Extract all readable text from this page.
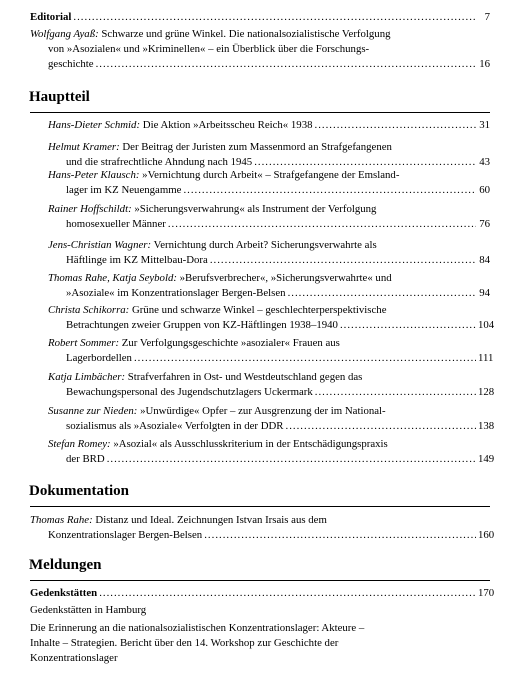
Editorial .....	7
Wolfgang Ayaß: Schwarze und grüne Winkel. Die nationalsozialistische Verfolgung
von »Asozialen« und »Kriminellen« – ein Überblick über die Forschungs-
geschichte .....	16
Hauptteil
Hans-Dieter Schmid: Die Aktion »Arbeitsscheu Reich« 1938 .....	31
Helmut Kramer: Der Beitrag der Juristen zum Massenmord an Strafgefangenen
und die strafrechtliche Ahndung nach 1945 .....	43
Hans-Peter Klausch: »Vernichtung durch Arbeit« – Strafgefangene der Emsland-
lager im KZ Neuengamme .....	60
Rainer Hoffschildt: »Sicherungsverwahrung« als Instrument der Verfolgung
homosexueller Männer .....	76
Jens-Christian Wagner: Vernichtung durch Arbeit? Sicherungsverwahrte als
Häftlinge im KZ Mittelbau-Dora .....	84
Thomas Rahe, Katja Seybold: »Berufsverbrecher«, »Sicherungsverwahrte« und
»Asoziale« im Konzentrationslager Bergen-Belsen .....	94
Christa Schikorra: Grüne und schwarze Winkel – geschlechterperspektivische
Betrachtungen zweier Gruppen von KZ-Häftlingen 1938–1940 .....	104
Robert Sommer: Zur Verfolgungsgeschichte »asozialer« Frauen aus
Lagerbordellen .....	111
Katja Limbächer: Strafverfahren in Ost- und Westdeutschland gegen das
Bewachungspersonal des Jugendschutzlagers Uckermark .....	128
Susanne zur Nieden: »Unwürdige« Opfer – zur Ausgrenzung der im National-
sozialismus als »Asoziale« Verfolgten in der DDR .....	138
Stefan Romey: »Asozial« als Ausschlusskriterium in der Entschädigungspraxis
der BRD .....	149
Dokumentation
Thomas Rahe: Distanz und Ideal. Zeichnungen Istvan Irsais aus dem
Konzentrationslager Bergen-Belsen .....	160
Meldungen
Gedenkstätten .....	170
Gedenkstätten in Hamburg
Die Erinnerung an die nationalsozialistischen Konzentrationslager: Akteure –
Inhalte – Strategien. Bericht über den 14. Workshop zur Geschichte der
Konzentrationslager
